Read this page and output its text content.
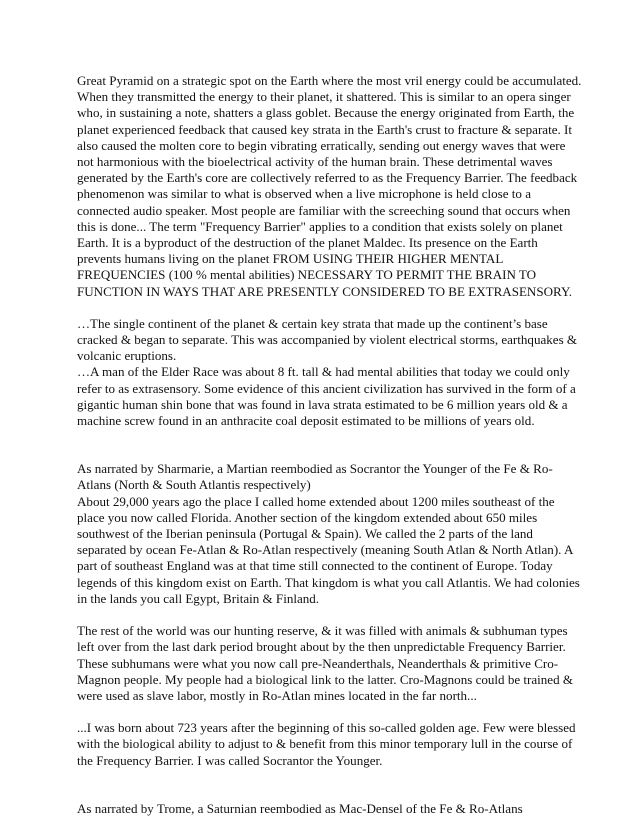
Great Pyramid on a strategic spot on the Earth where the most vril energy could be accumulated. When they transmitted the energy to their planet, it shattered. This is similar to an opera singer who, in sustaining a note, shatters a glass goblet. Because the energy originated from Earth, the planet experienced feedback that caused key strata in the Earth's crust to fracture & separate. It also caused the molten core to begin vibrating erratically, sending out energy waves that were not harmonious with the bioelectrical activity of the human brain. These detrimental waves generated by the Earth's core are collectively referred to as the Frequency Barrier. The feedback phenomenon was similar to what is observed when a live microphone is held close to a connected audio speaker. Most people are familiar with the screeching sound that occurs when this is done... The term "Frequency Barrier" applies to a condition that exists solely on planet Earth. It is a byproduct of the destruction of the planet Maldec. Its presence on the Earth prevents humans living on the planet FROM USING THEIR HIGHER MENTAL FREQUENCIES (100 % mental abilities) NECESSARY TO PERMIT THE BRAIN TO FUNCTION IN WAYS THAT ARE PRESENTLY CONSIDERED TO BE EXTRASENSORY.

…The single continent of the planet & certain key strata that made up the continent’s base cracked & began to separate. This was accompanied by violent electrical storms, earthquakes & volcanic eruptions.

…A man of the Elder Race was about 8 ft. tall & had mental abilities that today we could only refer to as extrasensory. Some evidence of this ancient civilization has survived in the form of a gigantic human shin bone that was found in lava strata estimated to be 6 million years old & a machine screw found in an anthracite coal deposit estimated to be millions of years old.

As narrated by Sharmarie, a Martian reembodied as Socrantor the Younger of the Fe & Ro-Atlans (North & South Atlantis respectively)

About 29,000 years ago the place I called home extended about 1200 miles southeast of the place you now called Florida. Another section of the kingdom extended about 650 miles southwest of the Iberian peninsula (Portugal & Spain). We called the 2 parts of the land separated by ocean Fe-Atlan & Ro-Atlan respectively (meaning South Atlan & North Atlan). A part of southeast England was at that time still connected to the continent of Europe. Today legends of this kingdom exist on Earth. That kingdom is what you call Atlantis. We had colonies in the lands you call Egypt, Britain & Finland.

The rest of the world was our hunting reserve, & it was filled with animals & subhuman types left over from the last dark period brought about by the then unpredictable Frequency Barrier. These subhumans were what you now call pre-Neanderthals, Neanderthals & primitive Cro-Magnon people. My people had a biological link to the latter. Cro-Magnons could be trained & were used as slave labor, mostly in Ro-Atlan mines located in the far north...

...I was born about 723 years after the beginning of this so-called golden age. Few were blessed with the biological ability to adjust to & benefit from this minor temporary lull in the course of the Frequency Barrier. I was called Socrantor the Younger.

As narrated by Trome, a Saturnian reembodied as Mac-Densel of the Fe & Ro-Atlans
